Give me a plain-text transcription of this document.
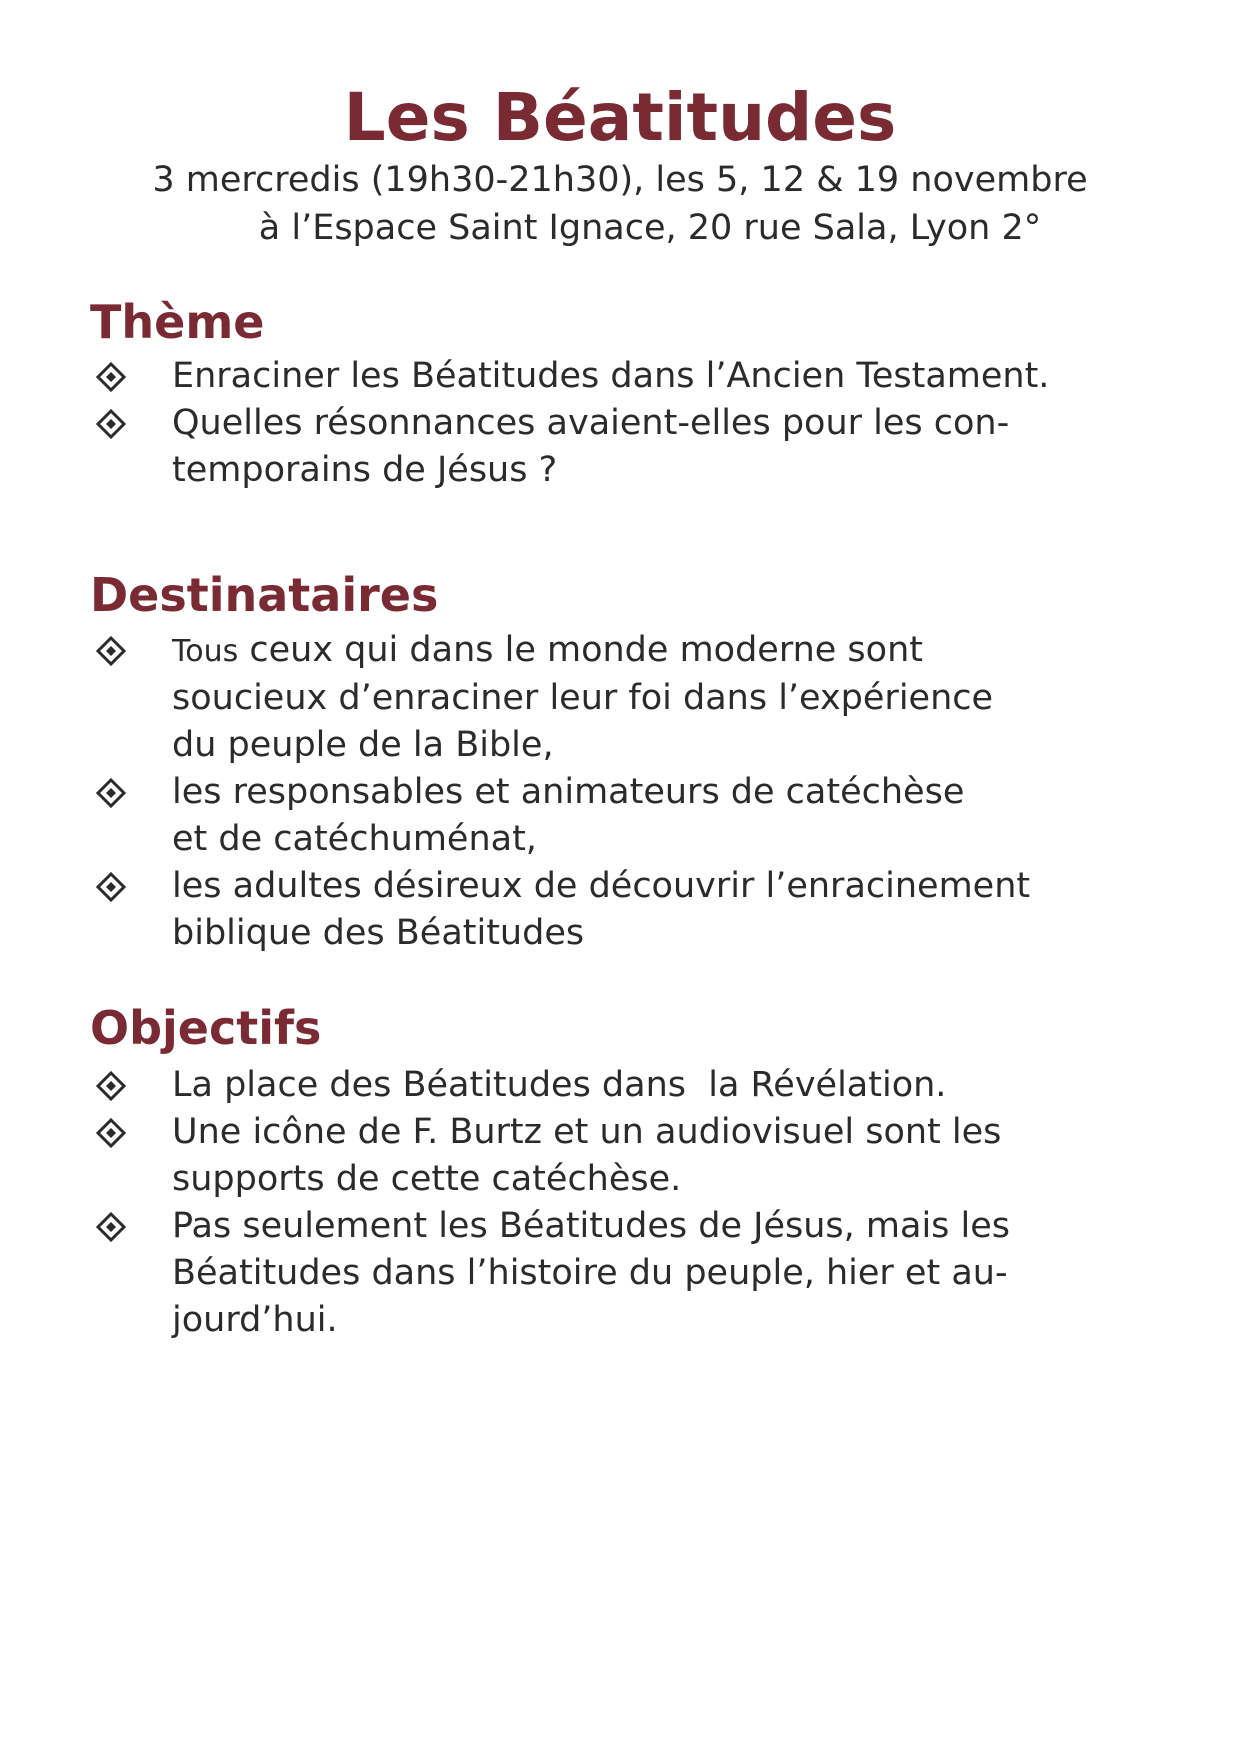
Les Béatitudes

3 mercredis (19h30-21h30), les 5, 12 & 19 novembre

à l’Espace Saint Ignace, 20 rue Sala, Lyon 2°

Thème
Enraciner les Béatitudes dans l’Ancien Testament.
Quelles résonnances avaient-elles pour les con-
temporains de Jésus ?
Destinataires
Tous ceux qui dans le monde moderne sont
soucieux d’enraciner leur foi dans l’expérience
du peuple de la Bible,
les responsables et animateurs de catéchèse
et de catéchuménat,
les adultes désireux de découvrir l’enracinement
biblique des Béatitudes
Objectifs
La place des Béatitudes dans  la Révélation.
Une icône de F. Burtz et un audiovisuel sont les
supports de cette catéchèse.
Pas seulement les Béatitudes de Jésus, mais les
Béatitudes dans l’histoire du peuple, hier et au-
jourd’hui.
